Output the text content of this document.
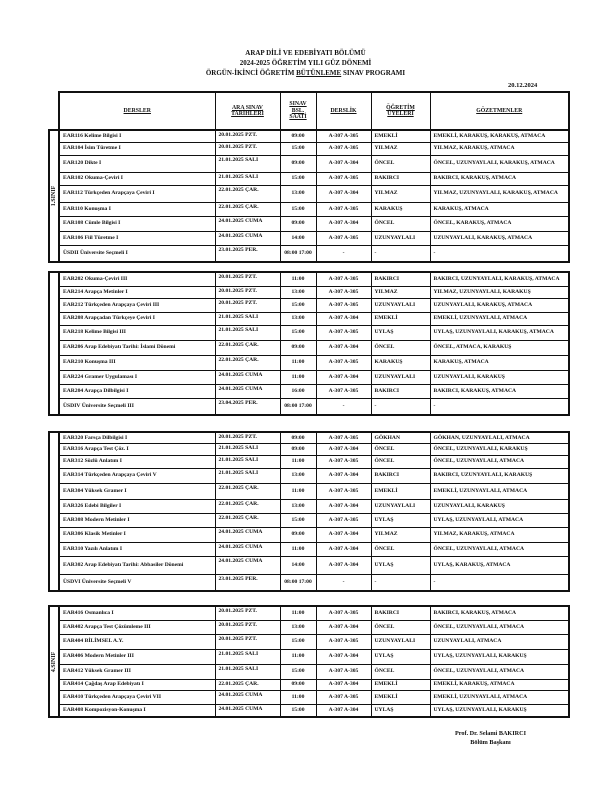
ARAP DİLİ VE EDEBİYATI BÖLÜMÜ
2024-2025 ÖĞRETİM YILI GÜZ DÖNEMİ
ÖRGÜN-İKİNCİ ÖĞRETİM BÜTÜNLEME SINAV PROGRAMI
20.12.2024
DERSLER	ARA SINAV TARİHLERİ	SINAV BSL. SAATİ	DERSLİK	ÖĞRETİM ÜYELERİ	GÖZETMENLER
1.SINIF	EAR116 Kelime Bilgisi I	20.01.2025 PZT.	09:00	A-307 A-305	EMEKLİ	EMEKLİ, KARAKUŞ, KARAKUŞ, ATMACA
	EAR104 İsim Türetme I	20.01.2025 PZT.	15:00	A-307 A-305	YILMAZ	YILMAZ, KARAKUŞ, ATMACA
	EAR120 Dikte I	21.01.2025 SALI	09:00	A-307 A-304	ÖNCEL	ÖNCEL, UZUNYAYLALI, KARAKUŞ, ATMACA
	EAR102 Okuma-Çeviri I	21.01.2025 SALI	15:00	A-307 A-305	BAKIRCI	BAKIRCI, KARAKUŞ, ATMACA
	EAR112 Türkçeden Arapçaya Çeviri I	22.01.2025 ÇAR.	13:00	A-307 A-304	YILMAZ	YILMAZ, UZUNYAYLALI, KARAKUŞ, ATMACA
	EAR110 Konuşma I	22.01.2025 ÇAR.	15:00	A-307 A-305	KARAKUŞ	KARAKUŞ, ATMACA
	EAR108 Cümle Bilgisi I	24.01.2025 CUMA	09:00	A-307 A-304	ÖNCEL	ÖNCEL, KARAKUŞ, ATMACA
	EAR106 Fiil Türetme I	24.01.2025 CUMA	14:00	A-307 A-305	UZUNYAYLALI	UZUNYAYLALI, KARAKUŞ, ATMACA
	ÜSDII Üniversite Seçmeli I	23.01.2025 PER.	08:00 17:00	-	-	-
	EAR202 Okuma-Çeviri III	20.01.2025 PZT.	11:00	A-307 A-305	BAKIRCI	BAKIRCI, UZUNYAYLALI, KARAKUŞ, ATMACA
	EAR214 Arapça Metinler I	20.01.2025 PZT.	13:00	A-307 A-305	YILMAZ	YILMAZ, UZUNYAYLALI, KARAKUŞ
	EAR212 Türkçeden Arapçaya Çeviri III	20.01.2025 PZT.	15:00	A-307 A-305	UZUNYAYLALI	UZUNYAYLALI, KARAKUŞ, ATMACA
	EAR208 Arapçadan Türkçeye Çeviri I	21.01.2025 SALI	13:00	A-307 A-304	EMEKLİ	EMEKLİ, UZUNYAYLALI, ATMACA
	EAR218 Kelime Bilgisi III	21.01.2025 SALI	15:00	A-307 A-305	UYLAŞ	UYLAŞ, UZUNYAYLALI, KARAKUŞ, ATMACA
	EAR206 Arap Edebiyatı Tarihi: İslami Dönemi	22.01.2025 ÇAR.	09:00	A-307 A-304	ÖNCEL	ÖNCEL, ATMACA, KARAKUŞ
	EAR210 Konuşma III	22.01.2025 ÇAR.	11:00	A-307 A-305	KARAKUŞ	KARAKUŞ, ATMACA
	EAR224 Gramer Uygulaması I	24.01.2025 CUMA	11:00	A-307 A-304	UZUNYAYLALI	UZUNYAYLALI, KARAKUŞ
	EAR204 Arapça Dilbilgisi I	24.01.2025 CUMA	16:00	A-307 A-305	BAKIRCI	BAKIRCI, KARAKUŞ, ATMACA
	ÜSDIV Üniversite Seçmeli III	23.04.2025 PER.	08:00 17:00	-	-	-
	EAR320 Farsça Dilbilgisi I	20.01.2025 PZT.	09:00	A-307 A-305	GÖKHAN	GÖKHAN, UZUNYAYLALI, ATMACA
	EAR316 Arapça Test Çöz. I	21.01.2025 SALI	09:00	A-307 A-304	ÖNCEL	ÖNCEL, UZUNYAYLALI, KARAKUŞ
	EAR312 Sözlü Anlatım I	21.01.2025 SALI	11:00	A-307 A-305	ÖNCEL	ÖNCEL, UZUNYAYLALI, ATMACA
	EAR314 Türkçeden Arapçaya Çeviri V	21.01.2025 SALI	13:00	A-307 A-304	BAKIRCI	BAKIRCI, UZUNYAYLALI, KARAKUŞ
	EAR304 Yüksek Gramer I	22.01.2025 ÇAR.	11:00	A-307 A-305	EMEKLİ	EMEKLİ, UZUNYAYLALI, ATMACA
	EAR326 Edebi Bilgiler I	22.01.2025 ÇAR.	13:00	A-307 A-304	UZUNYAYLALI	UZUNYAYLALI, KARAKUŞ
	EAR308 Modern Metinler I	22.01.2025 ÇAR.	15:00	A-307 A-305	UYLAŞ	UYLAŞ, UZUNYAYLALI, ATMACA
	EAR306 Klasik Metinler I	24.01.2025 CUMA	09:00	A-307 A-304	YILMAZ	YILMAZ, KARAKUŞ, ATMACA
	EAR310 Yazılı Anlatım I	24.01.2025 CUMA	11:00	A-307 A-304	ÖNCEL	ÖNCEL, UZUNYAYLALI, ATMACA
	EAR302 Arap Edebiyatı Tarihi: Abbasiler Dönemi	24.01.2025 CUMA	14:00	A-307 A-304	UYLAŞ	UYLAŞ, KARAKUŞ, ATMACA
	ÜSDVI Üniversite Seçmeli V	23.01.2025 PER.	08:00 17:00	-	-	-
4.SINIF	EAR416 Osmanlıca I	20.01.2025 PZT.	11:00	A-307 A-305	BAKIRCI	BAKIRCI, KARAKUŞ, ATMACA
	EAR402 Arapça Test Çözümleme III	20.01.2025 PZT.	13:00	A-307 A-304	ÖNCEL	ÖNCEL, UZUNYAYLALI, ATMACA
	EAR404 BİLİMSEL A.Y.	20.01.2025 PZT.	15:00	A-307 A-305	UZUNYAYLALI	UZUNYAYLALI, ATMACA
	EAR406 Modern Metinler III	21.01.2025 SALI	11:00	A-307 A-304	UYLAŞ	UYLAŞ, UZUNYAYLALI, KARAKUŞ
	EAR412 Yüksek Gramer III	21.01.2025 SALI	15:00	A-307 A-305	ÖNCEL	ÖNCEL, UZUNYAYLALI, ATMACA
	EAR414 Çağdaş Arap Edebiyatı I	22.01.2025 ÇAR.	09:00	A-307 A-304	EMEKLİ	EMEKLİ, KARAKUŞ, ATMACA
	EAR410 Türkçeden Arapçaya Çeviri VII	24.01.2025 CUMA	11:00	A-307 A-305	EMEKLİ	EMEKLİ, UZUNYAYLALI, ATMACA
	EAR408 Kompozisyon-Konuşma I	24.01.2025 CUMA	15:00	A-307 A-304	UYLAŞ	UYLAŞ, UZUNYAYLALI, KARAKUŞ
Prof. Dr. Selami BAKIRCI
Bölüm Başkanı
